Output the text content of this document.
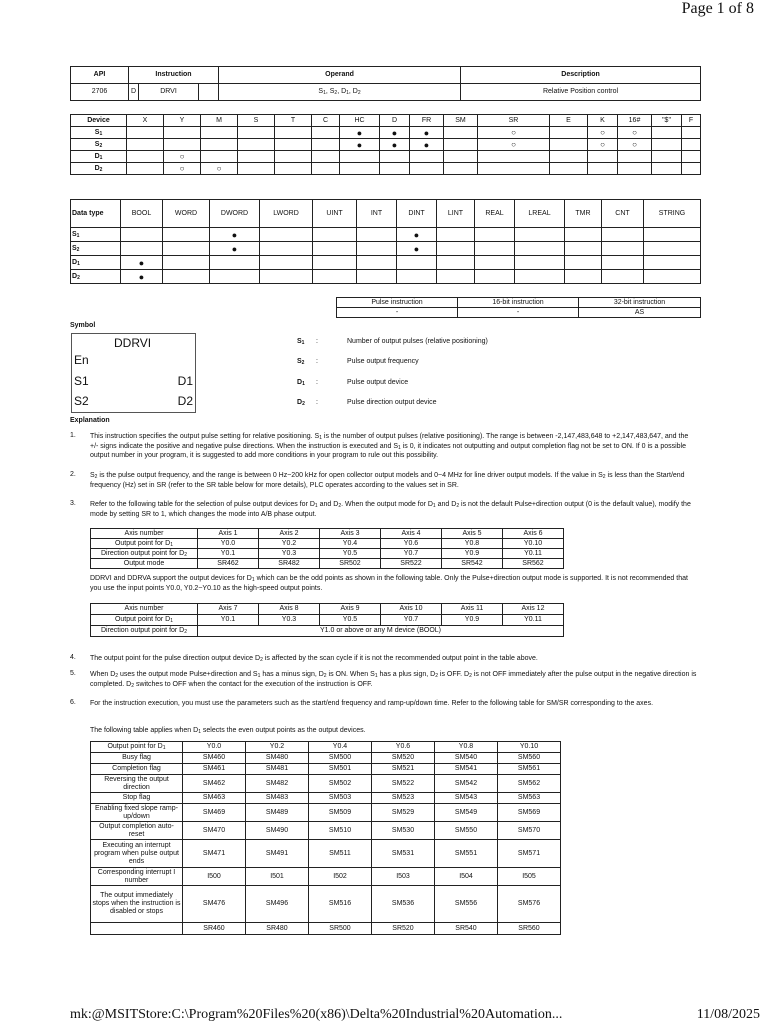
Page 1 of 8
API	Instruction			Operand	Description
2706	D	DRVI		$S_1$, $S_2$, $D_1$, $D_2$	Relative Position control
Device	X	Y	M	S	T	C	HC	D	FR	SM	SR	E	K	16#	"$"	F
$S_1$							●	●	●		○		○	○		
$S_2$							●	●	●		○		○	○		
$D_1$		○														
$D_2$		○	○													
Data type	BOOL	WORD	DWORD	LWORD	UINT	INT	DINT	LINT	REAL	LREAL	TMR	CNT	STRING
$S_1$			●				●						
$S_2$			●				●						
$D_1$	●												
$D_2$	●												
Pulse instruction	16-bit instruction	32-bit instruction
-	-	AS
Symbol
DDRVI
En
S1
S2
D1
D2
$S_1$ :	Number of output pulses (relative positioning)
$S_2$ :	Pulse output frequency
$D_1$ :	Pulse output device
$D_2$ :	Pulse direction output device
Explanation
1. This instruction specifies the output pulse setting for relative positioning. $S_1$ is the number of output pulses (relative positioning). The range is between -2,147,483,648 to +2,147,483,647, and the +/- signs indicate the positive and negative pulse directions. When the instruction is executed and $S_1$ is 0, it indicates not outputting and output completion flag not be set to ON. If 0 is a possible output number in your program, it is suggested to add more conditions in your program to rule out this possibility.
2. $S_2$ is the pulse output frequency, and the range is between 0 Hz~200 kHz for open collector output models and 0~4 MHz for line driver output models. If the value in $S_2$ is less than the Start/end frequency (Hz) set in SR (refer to the SR table below for more details), PLC operates according to the values set in SR.
3. Refer to the following table for the selection of pulse output devices for $D_1$ and $D_2$. When the output mode for $D_1$ and $D_2$ is not the default Pulse+direction output (0 is the default value), modify the mode by setting SR to 1, which changes the mode into A/B phase output.
Axis number	Axis 1	Axis 2	Axis 3	Axis 4	Axis 5	Axis 6
Output point for $D_1$	Y0.0	Y0.2	Y0.4	Y0.6	Y0.8	Y0.10
Direction output point for $D_2$	Y0.1	Y0.3	Y0.5	Y0.7	Y0.9	Y0.11
Output mode	SR462	SR482	SR502	SR522	SR542	SR562
DDRVI and DDRVA support the output devices for $D_1$ which can be the odd points as shown in the following table. Only the Pulse+direction output mode is supported. It is not recommended that you use the input points Y0.0, Y0.2~Y0.10 as the high-speed output points.
Axis number	Axis 7	Axis 8	Axis 9	Axis 10	Axis 11	Axis 12
Output point for $D_1$	Y0.1	Y0.3	Y0.5	Y0.7	Y0.9	Y0.11
Direction output point for $D_2$	Y1.0 or above or any M device (BOOL)					
4. The output point for the pulse direction output device $D_2$ is affected by the scan cycle if it is not the recommended output point in the table above.
5. When $D_2$ uses the output mode Pulse+direction and $S_1$ has a minus sign, $D_2$ is ON. When $S_1$ has a plus sign, $D_2$ is OFF. $D_2$ is not OFF immediately after the pulse output in the negative direction is completed. $D_2$ switches to OFF when the contact for the execution of the instruction is OFF.
6. For the instruction execution, you must use the parameters such as the start/end frequency and ramp-up/down time. Refer to the following table for SM/SR corresponding to the axes.
The following table applies when $D_1$ selects the even output points as the output devices.
Output point for $D_1$	Y0.0	Y0.2	Y0.4	Y0.6	Y0.8	Y0.10
Busy flag	SM460	SM480	SM500	SM520	SM540	SM560
Completion flag	SM461	SM481	SM501	SM521	SM541	SM561
Reversing the output direction	SM462	SM482	SM502	SM522	SM542	SM562
Stop flag	SM463	SM483	SM503	SM523	SM543	SM563
Enabling fixed slope ramp-up/down	SM469	SM489	SM509	SM529	SM549	SM569
Output completion auto-reset	SM470	SM490	SM510	SM530	SM550	SM570
Executing an interrupt program when pulse output ends	SM471	SM491	SM511	SM531	SM551	SM571
Corresponding interrupt I number	I500	I501	I502	I503	I504	I505
The output immediately stops when the instruction is disabled or stops	SM476	SM496	SM516	SM536	SM556	SM576
	SR460	SR480	SR500	SR520	SR540	SR560
mk:@MSITStore:C:\Program%20Files%20(x86)\Delta%20Industrial%20Automation...	11/08/2025
